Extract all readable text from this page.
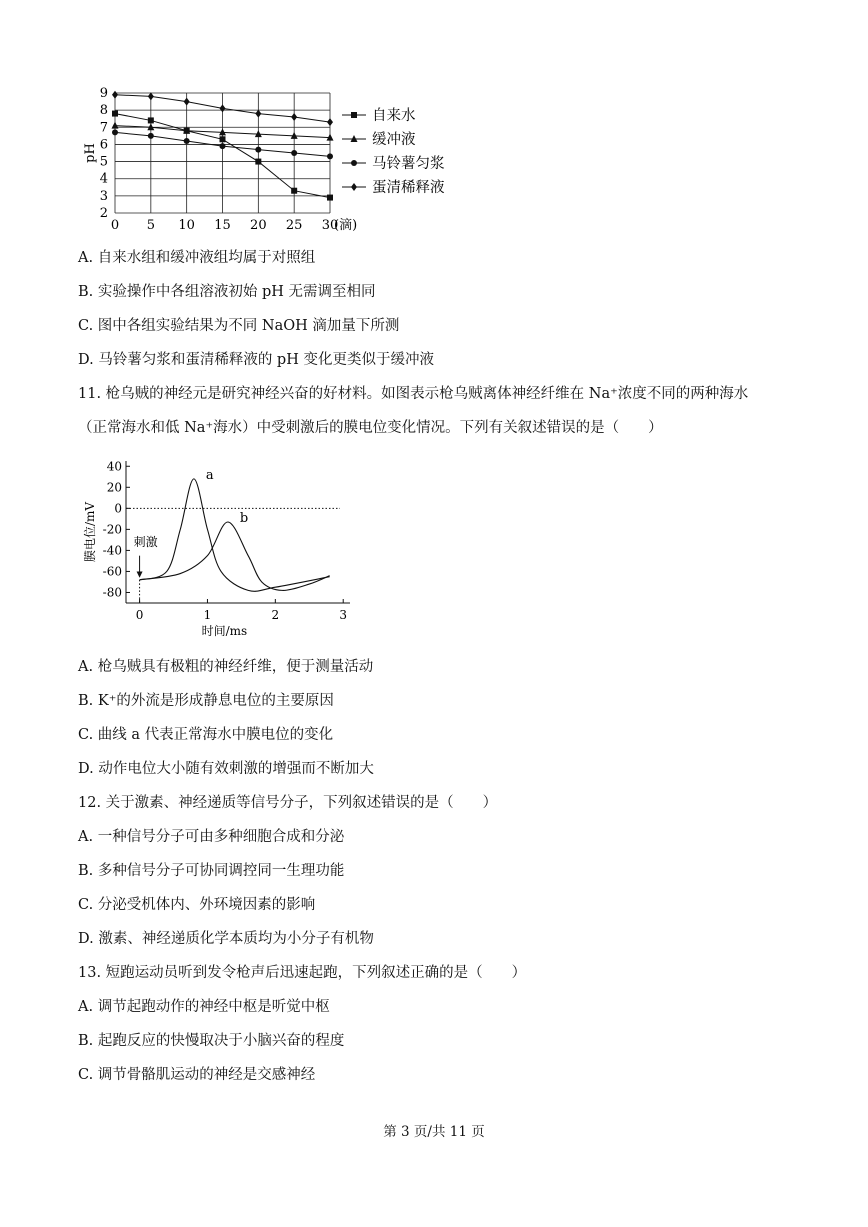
2
3
4
5
6
7
8
9
0 5 10 15 20 25 30
(滴)
pH
自来水
缓冲液
马铃薯匀浆
蛋清稀释液
A. 自来水组和缓冲液组均属于对照组
B. 实验操作中各组溶液初始 pH 无需调至相同
C. 图中各组实验结果为不同 NaOH 滴加量下所测
D. 马铃薯匀浆和蛋清稀释液的 pH 变化更类似于缓冲液
11. 枪乌贼的神经元是研究神经兴奋的好材料。如图表示枪乌贼离体神经纤维在 Na⁺浓度不同的两种海水
（正常海水和低 Na⁺海水）中受刺激后的膜电位变化情况。下列有关叙述错误的是（　　）
40
20
0
-20
-40
-60
-80
0	1	2	3
刺激
膜电位/mV
时间/ms
a
b
A. 枪乌贼具有极粗的神经纤维，便于测量活动
B. K⁺的外流是形成静息电位的主要原因
C. 曲线 a 代表正常海水中膜电位的变化
D. 动作电位大小随有效刺激的增强而不断加大
12. 关于激素、神经递质等信号分子，下列叙述错误的是（　　）
A. 一种信号分子可由多种细胞合成和分泌
B. 多种信号分子可协同调控同一生理功能
C. 分泌受机体内、外环境因素的影响
D. 激素、神经递质化学本质均为小分子有机物
13. 短跑运动员听到发令枪声后迅速起跑，下列叙述正确的是（　　）
A. 调节起跑动作的神经中枢是听觉中枢
B. 起跑反应的快慢取决于小脑兴奋的程度
C. 调节骨骼肌运动的神经是交感神经
第 3 页/共 11 页
